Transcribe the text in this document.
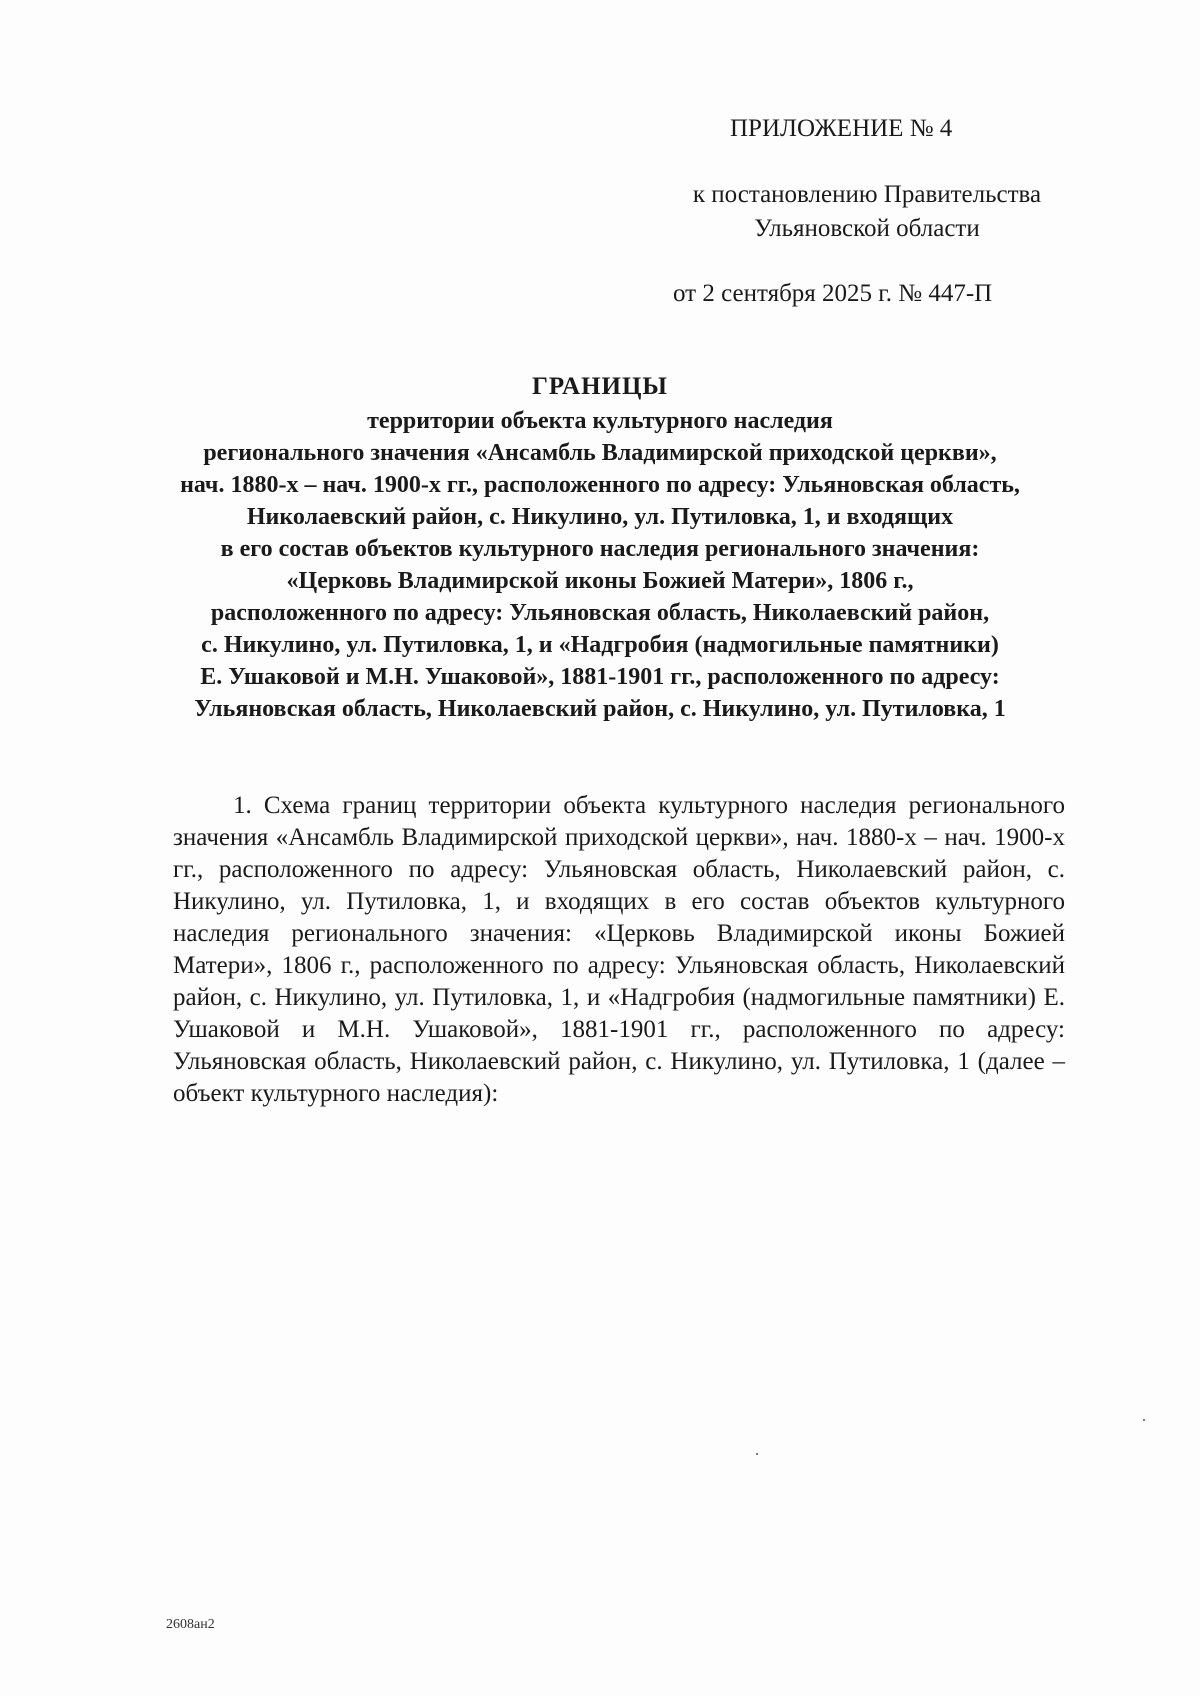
ПРИЛОЖЕНИЕ № 4
к постановлению Правительства
Ульяновской области
от 2 сентября 2025 г. № 447-П
ГРАНИЦЫ
территории объекта культурного наследия
регионального значения «Ансамбль Владимирской приходской церкви»,
нач. 1880-х – нач. 1900-х гг., расположенного по адресу: Ульяновская область,
Николаевский район, с. Никулино, ул. Путиловка, 1, и входящих
в его состав объектов культурного наследия регионального значения:
«Церковь Владимирской иконы Божией Матери», 1806 г.,
расположенного по адресу: Ульяновская область, Николаевский район,
с. Никулино, ул. Путиловка, 1, и «Надгробия (надмогильные памятники)
Е. Ушаковой и М.Н. Ушаковой», 1881-1901 гг., расположенного по адресу:
Ульяновская область, Николаевский район, с. Никулино, ул. Путиловка, 1

1. Схема границ территории объекта культурного наследия регионального значения «Ансамбль Владимирской приходской церкви», нач. 1880-х – нач. 1900-х гг., расположенного по адресу: Ульяновская область, Николаевский район, с. Никулино, ул. Путиловка, 1, и входящих в его состав объектов культурного наследия регионального значения: «Церковь Владимирской иконы Божией Матери», 1806 г., расположенного по адресу: Ульяновская область, Николаевский район, с. Никулино, ул. Путиловка, 1, и «Надгробия (надмогильные памятники) Е. Ушаковой и М.Н. Ушаковой», 1881-1901 гг., расположенного по адресу: Ульяновская область, Николаевский район, с. Никулино, ул. Путиловка, 1 (далее – объект культурного наследия):

2608ан2
